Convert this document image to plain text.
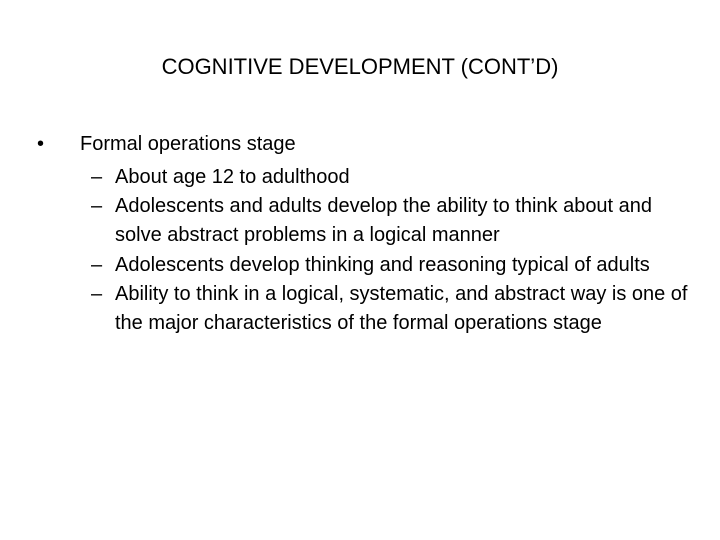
COGNITIVE DEVELOPMENT (CONT’D)
• Formal operations stage
– About age 12 to adulthood
– Adolescents and adults develop the ability to think about and solve abstract problems in a logical manner
– Adolescents develop thinking and reasoning typical of adults
– Ability to think in a logical, systematic, and abstract way is one of the major characteristics of the formal operations stage
